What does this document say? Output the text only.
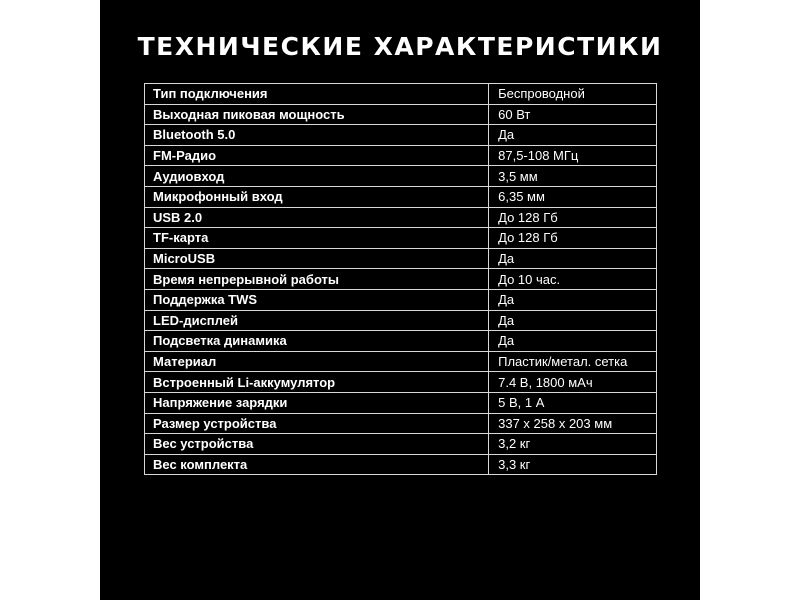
ТЕХНИЧЕСКИЕ ХАРАКТЕРИСТИКИ
Тип подключения	Беспроводной
Выходная пиковая мощность	60 Вт
Bluetooth 5.0	Да
FM-Радио	87,5-108 МГц
Аудиовход	3,5 мм
Микрофонный вход	6,35 мм
USB 2.0	До 128 Гб
TF-карта	До 128 Гб
MicroUSB	Да
Время непрерывной работы	До 10 час.
Поддержка TWS	Да
LED-дисплей	Да
Подсветка динамика	Да
Материал	Пластик/метал. сетка
Встроенный Li-аккумулятор	7.4 В, 1800 мАч
Напряжение зарядки	5 В, 1 А
Размер устройства	337 х 258 х 203 мм
Вес устройства	3,2 кг
Вес комплекта	3,3 кг
